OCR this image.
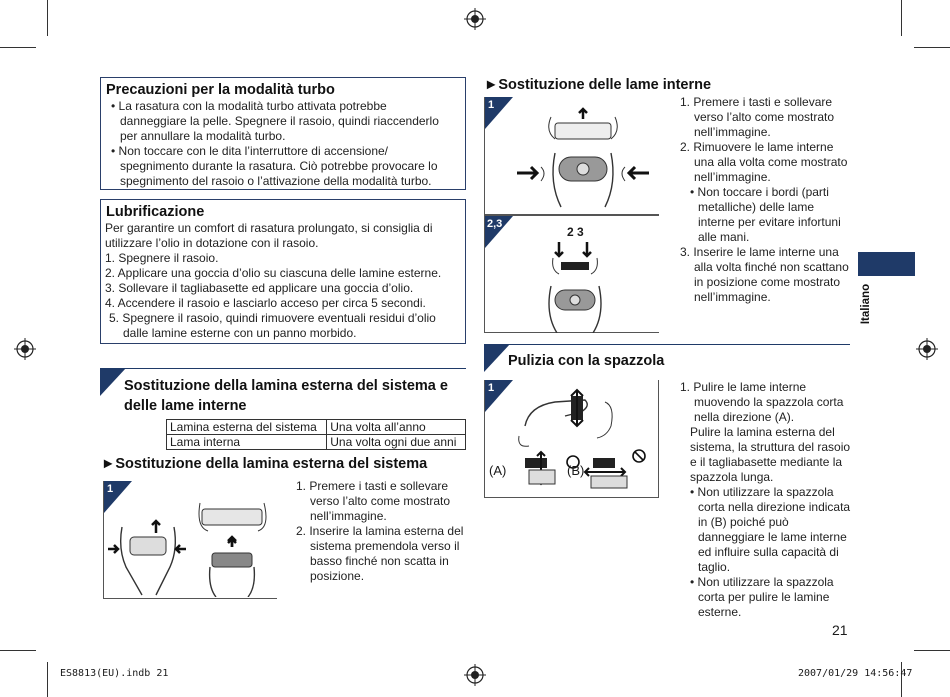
Precauzioni per la modalità turbo
• La rasatura con la modalità turbo attivata potrebbe danneggiare la pelle. Spegnere il rasoio, quindi riaccenderlo per annullare la modalità turbo.
• Non toccare con le dita l’interruttore di accensione/ spegnimento durante la rasatura. Ciò potrebbe provocare lo spegnimento del rasoio o l’attivazione della modalità turbo.
Lubrificazione
Per garantire un comfort di rasatura prolungato, si consiglia di utilizzare l’olio in dotazione con il rasoio.
1. Spegnere il rasoio.
2. Applicare una goccia d’olio su ciascuna delle lamine esterne.
3. Sollevare il tagliabasette ed applicare una goccia d’olio.
4. Accendere il rasoio e lasciarlo acceso per circa 5 secondi.
5. Spegnere il rasoio, quindi rimuovere eventuali residui d’olio dalle lamine esterne con un panno morbido.
Sostituzione della lamina esterna del sistema e delle lame interne
Lamina esterna del sistema	Una volta all’anno
Lama interna	Una volta ogni due anni
►Sostituzione della lamina esterna del sistema
1	1. Premere i tasti e sollevare verso l’alto come mostrato nell’immagine.
2. Inserire la lamina esterna del sistema premendola verso il basso finché non scatta in posizione.
►Sostituzione delle lame interne
1
2,3
2 3
1. Premere i tasti e sollevare verso l’alto come mostrato nell’immagine.
2. Rimuovere le lame interne una alla volta come mostrato nell’immagine.
• Non toccare i bordi (parti metalliche) delle lame interne per evitare infortuni alle mani.
3. Inserire le lame interne una alla volta finché non scattano in posizione come mostrato nell’immagine.
Pulizia con la spazzola
1
(A)	(B)
1. Pulire le lame interne muovendo la spazzola corta nella direzione (A).
Pulire la lamina esterna del sistema, la struttura del rasoio e il tagliabasette mediante la spazzola lunga.
• Non utilizzare la spazzola corta nella direzione indicata in (B) poiché può danneggiare le lame interne ed influire sulla capacità di taglio.
• Non utilizzare la spazzola corta per pulire le lamine esterne.
Italiano
21
ES8813(EU).indb 21	2007/01/29 14:56:47
